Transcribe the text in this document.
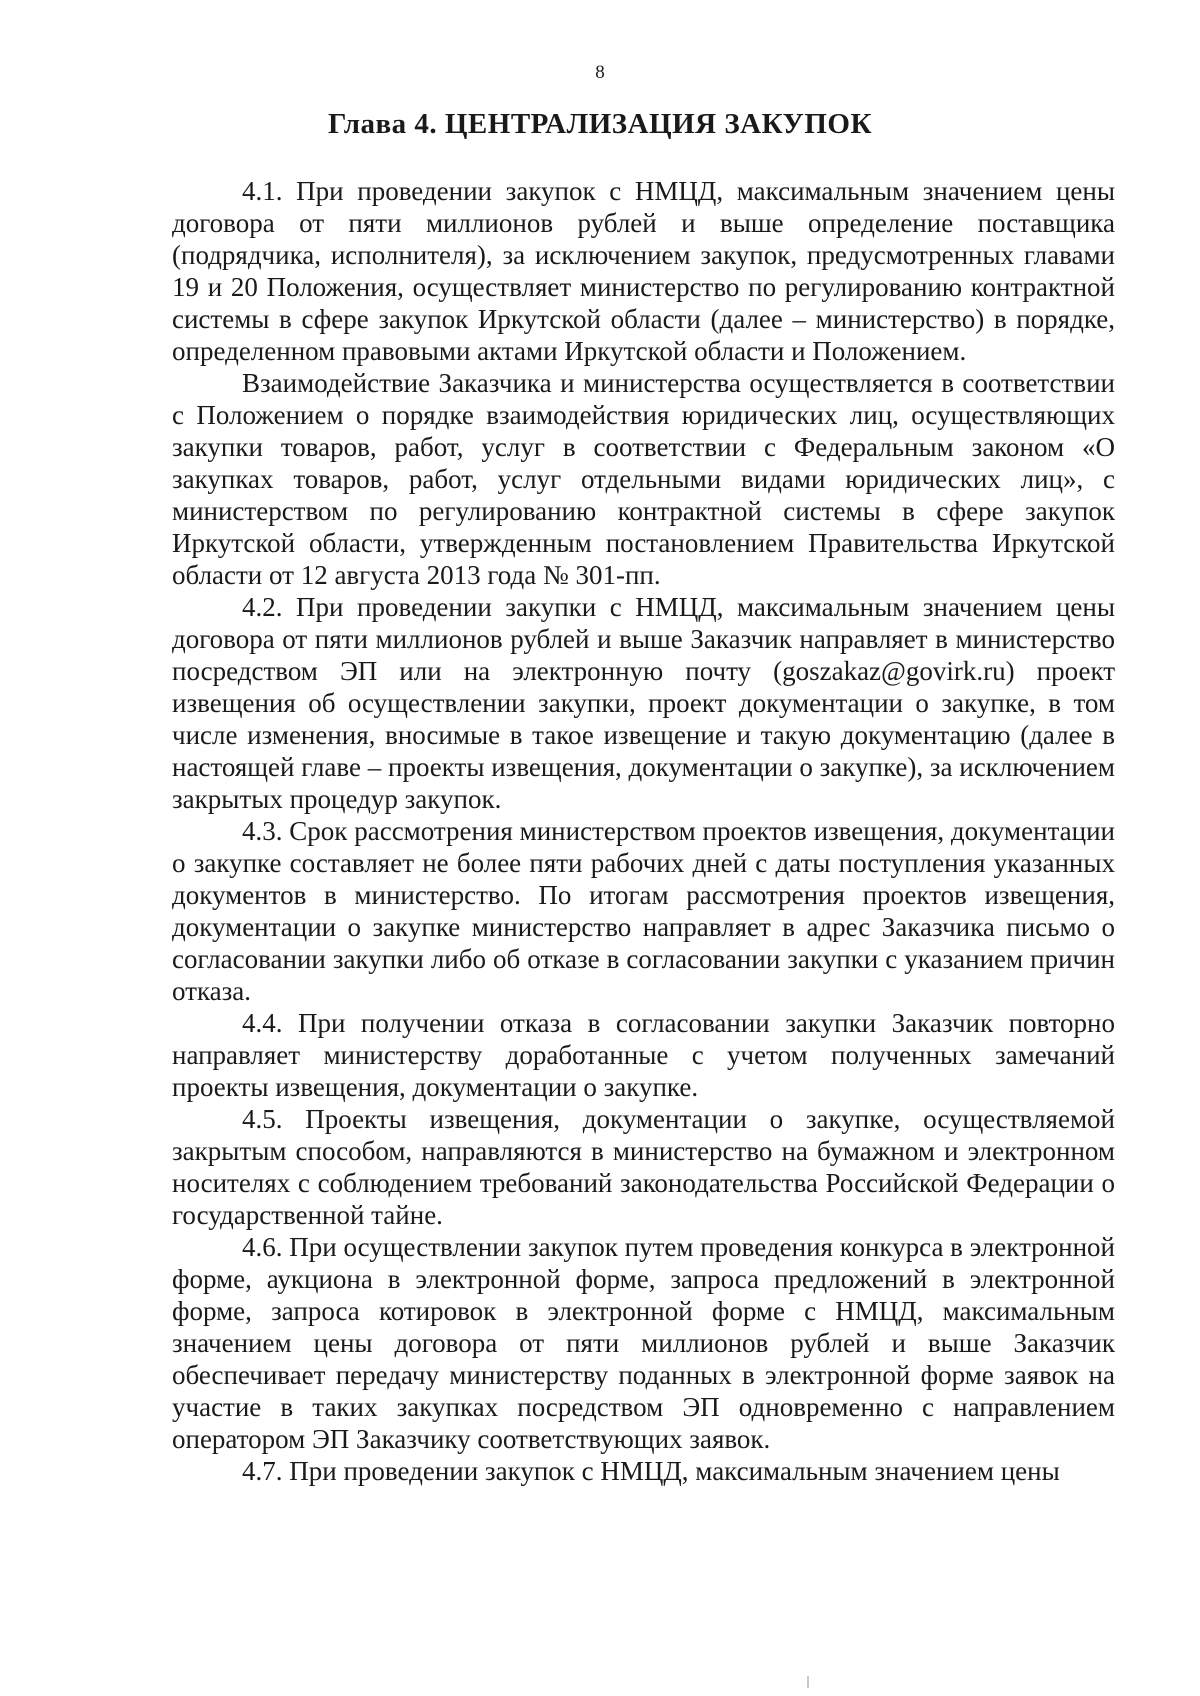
8
Глава 4. ЦЕНТРАЛИЗАЦИЯ ЗАКУПОК

4.1. При проведении закупок с НМЦД, максимальным значением цены договора от пяти миллионов рублей и выше определение поставщика (подрядчика, исполнителя), за исключением закупок, предусмотренных главами 19 и 20 Положения, осуществляет министерство по регулированию контрактной системы в сфере закупок Иркутской области (далее – министерство) в порядке, определенном правовыми актами Иркутской области и Положением.

Взаимодействие Заказчика и министерства осуществляется в соответствии с Положением о порядке взаимодействия юридических лиц, осуществляющих закупки товаров, работ, услуг в соответствии с Федеральным законом «О закупках товаров, работ, услуг отдельными видами юридических лиц», с министерством по регулированию контрактной системы в сфере закупок Иркутской области, утвержденным постановлением Правительства Иркутской области от 12 августа 2013 года № 301-пп.

4.2. При проведении закупки с НМЦД, максимальным значением цены договора от пяти миллионов рублей и выше Заказчик направляет в министерство посредством ЭП или на электронную почту (goszakaz@govirk.ru) проект извещения об осуществлении закупки, проект документации о закупке, в том числе изменения, вносимые в такое извещение и такую документацию (далее в настоящей главе – проекты извещения, документации о закупке), за исключением закрытых процедур закупок.

4.3. Срок рассмотрения министерством проектов извещения, документации о закупке составляет не более пяти рабочих дней с даты поступления указанных документов в министерство. По итогам рассмотрения проектов извещения, документации о закупке министерство направляет в адрес Заказчика письмо о согласовании закупки либо об отказе в согласовании закупки с указанием причин отказа.

4.4. При получении отказа в согласовании закупки Заказчик повторно направляет министерству доработанные с учетом полученных замечаний проекты извещения, документации о закупке.

4.5. Проекты извещения, документации о закупке, осуществляемой закрытым способом, направляются в министерство на бумажном и электронном носителях с соблюдением требований законодательства Российской Федерации о государственной тайне.

4.6. При осуществлении закупок путем проведения конкурса в электронной форме, аукциона в электронной форме, запроса предложений в электронной форме, запроса котировок в электронной форме с НМЦД, максимальным значением цены договора от пяти миллионов рублей и выше Заказчик обеспечивает передачу министерству поданных в электронной форме заявок на участие в таких закупках посредством ЭП одновременно с направлением оператором ЭП Заказчику соответствующих заявок.

4.7. При проведении закупок с НМЦД, максимальным значением цены
